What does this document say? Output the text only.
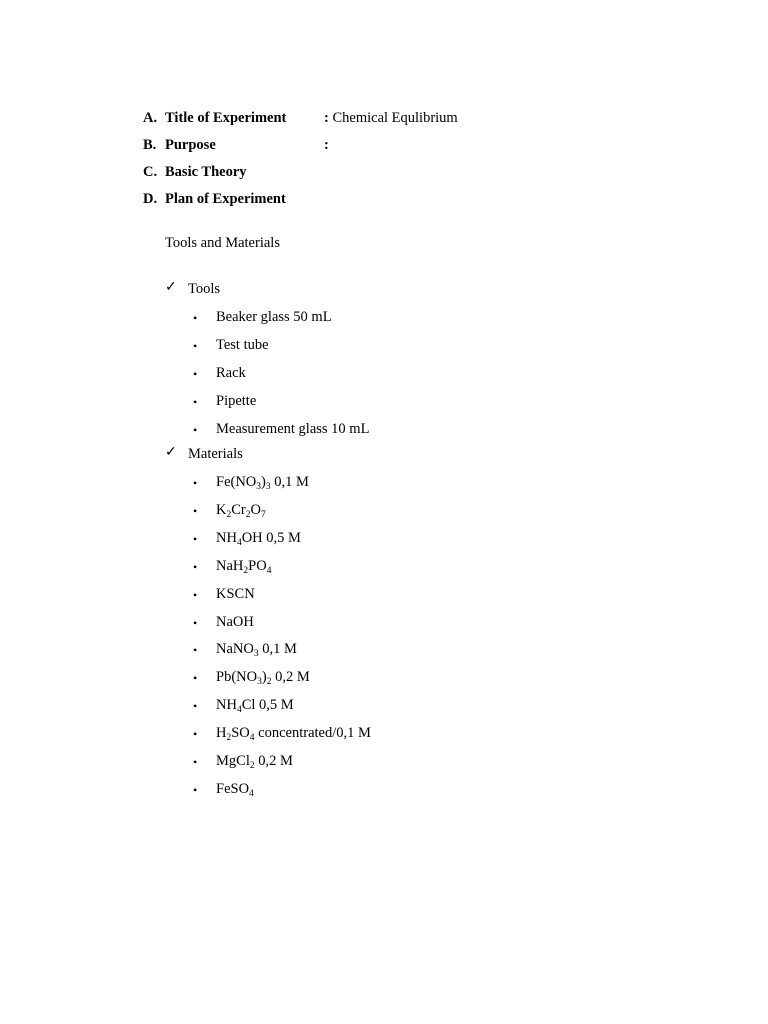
A. Title of Experiment	: Chemical Equlibrium
B. Purpose	:
C. Basic Theory
D. Plan of Experiment
Tools and Materials
✓ Tools
• Beaker glass 50 mL
• Test tube
• Rack
• Pipette
• Measurement glass 10 mL
✓ Materials
• $Fe(NO_3)_3$ 0,1 M
• $K_2Cr_2O_7$
• $NH_4OH$ 0,5 M
• $NaH_2PO_4$
• KSCN
• NaOH
• NaNO$_3$ 0,1 M
• $Pb(NO_3)_2$ 0,2 M
• $NH_4Cl$ 0,5 M
• $H_2SO_4$ concentrated/0,1 M
• MgCl$_2$ 0,2 M
• FeSO$_4$
